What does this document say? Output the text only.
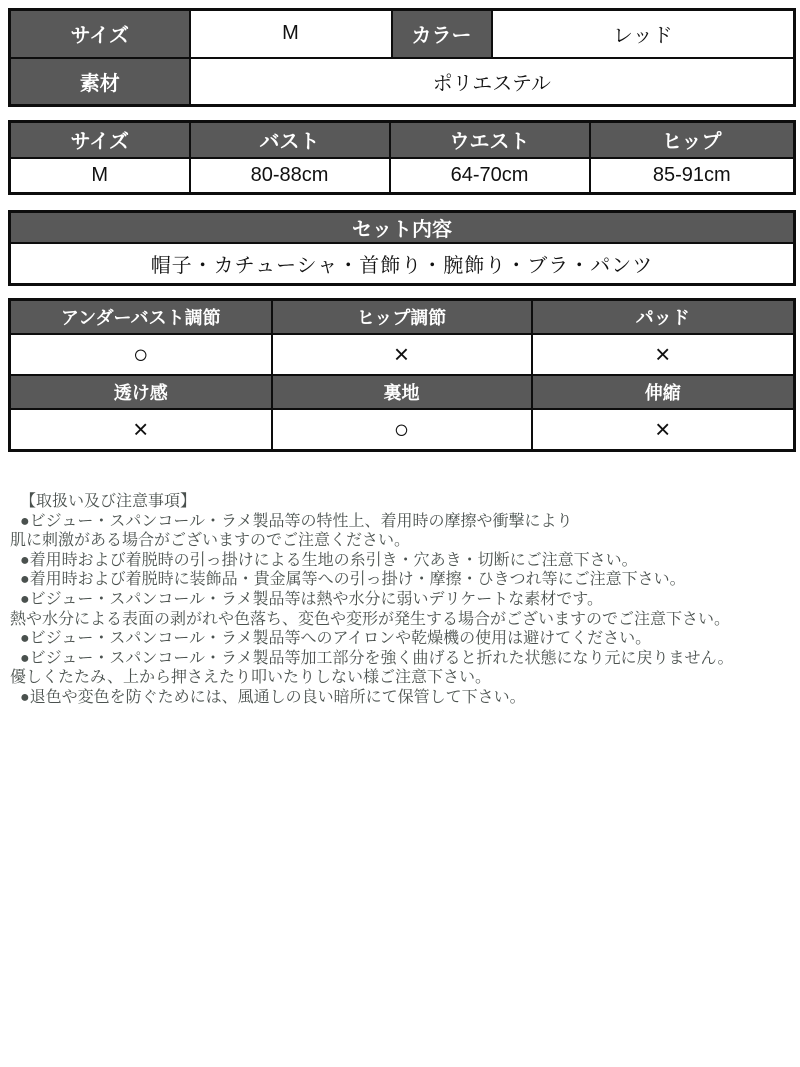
サイズ	M	カラー	レッド
素材	ポリエステル		
サイズ	バスト	ウエスト	ヒップ
M	80-88cm	64-70cm	85-91cm
セット内容
帽子・カチューシャ・首飾り・腕飾り・ブラ・パンツ
アンダーバスト調節	ヒップ調節	パッド
○	×	×
透け感	裏地	伸縮
×	○	×
【取扱い及び注意事項】
●ビジュー・スパンコール・ラメ製品等の特性上、着用時の摩擦や衝撃により
肌に刺激がある場合がございますのでご注意ください。
●着用時および着脱時の引っ掛けによる生地の糸引き・穴あき・切断にご注意下さい。
●着用時および着脱時に装飾品・貴金属等への引っ掛け・摩擦・ひきつれ等にご注意下さい。
●ビジュー・スパンコール・ラメ製品等は熱や水分に弱いデリケートな素材です。
熱や水分による表面の剥がれや色落ち、変色や変形が発生する場合がございますのでご注意下さい。
●ビジュー・スパンコール・ラメ製品等へのアイロンや乾燥機の使用は避けてください。
●ビジュー・スパンコール・ラメ製品等加工部分を強く曲げると折れた状態になり元に戻りません。
優しくたたみ、上から押さえたり叩いたりしない様ご注意下さい。
●退色や変色を防ぐためには、風通しの良い暗所にて保管して下さい。
